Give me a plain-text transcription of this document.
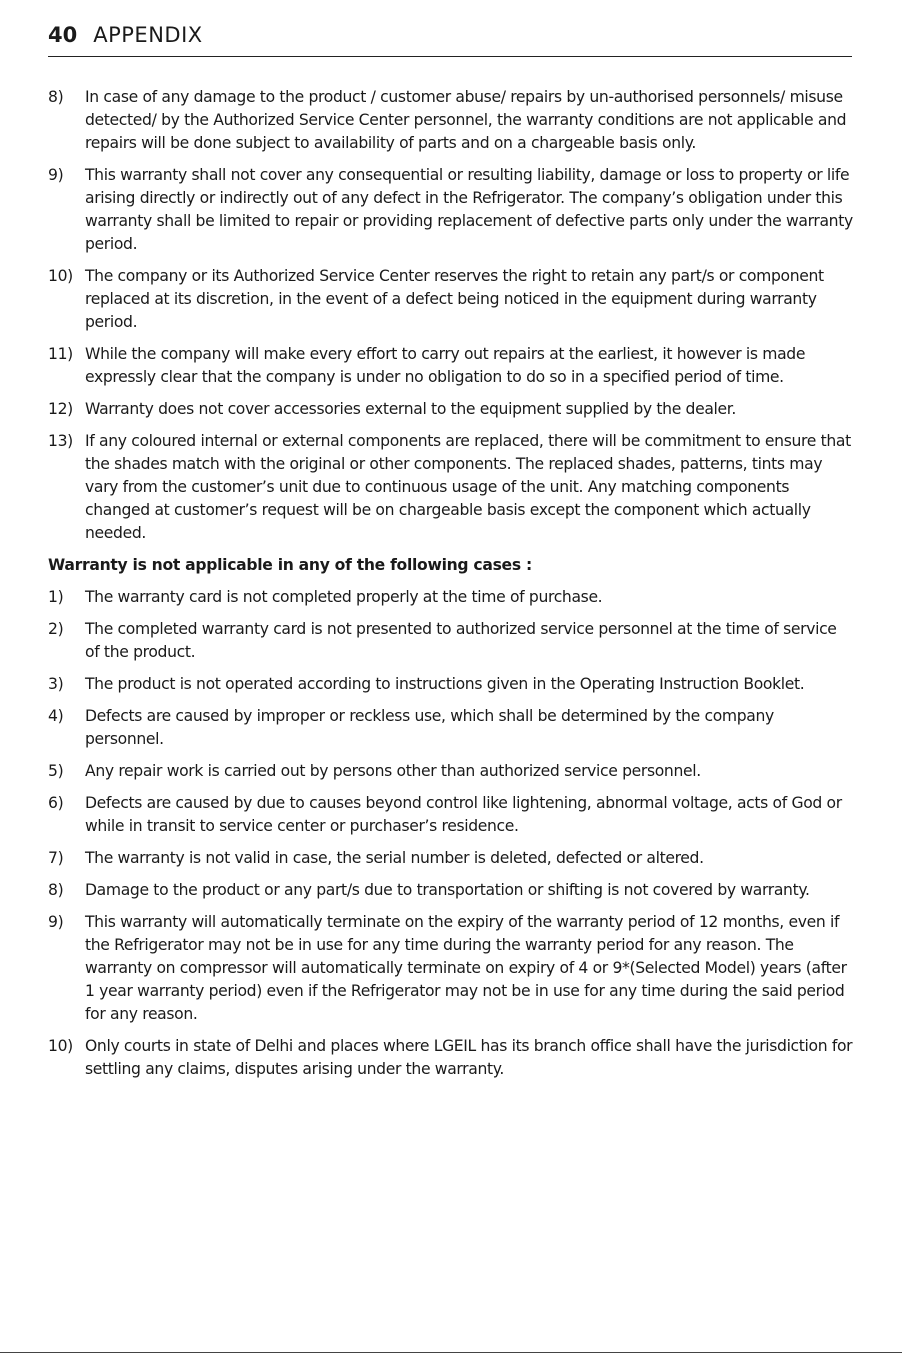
40 APPENDIX
8)	In case of any damage to the product / customer abuse/ repairs by un-authorised personnels/ misuse detected/ by the Authorized Service Center personnel, the warranty conditions are not applicable and repairs will be done subject to availability of parts and on a chargeable basis only.
9)	This warranty shall not cover any consequential or resulting liability, damage or loss to property or life arising directly or indirectly out of any defect in the Refrigerator. The company’s obligation under this warranty shall be limited to repair or providing replacement of defective parts only under the warranty period.
10) The company or its Authorized Service Center reserves the right to retain any part/s or component replaced at its discretion, in the event of a defect being noticed in the equipment during warranty period.
11) While the company will make every effort to carry out repairs at the earliest, it however is made expressly clear that the company is under no obligation to do so in a specified period of time.
12) Warranty does not cover accessories external to the equipment supplied by the dealer.
13) If any coloured internal or external components are replaced, there will be commitment to ensure that the shades match with the original or other components. The replaced shades, patterns, tints may vary from the customer’s unit due to continuous usage of the unit. Any matching components changed at customer’s request will be on chargeable basis except the component which actually needed.
Warranty is not applicable in any of the following cases :
1)	The warranty card is not completed properly at the time of purchase.
2)	The completed warranty card is not presented to authorized service personnel at the time of service of the product.
3)	The product is not operated according to instructions given in the Operating Instruction Booklet.
4)	Defects are caused by improper or reckless use, which shall be determined by the company personnel.
5)	Any repair work is carried out by persons other than authorized service personnel.
6)	Defects are caused by due to causes beyond control like lightening, abnormal voltage, acts of God or while in transit to service center or purchaser’s residence.
7)	The warranty is not valid in case, the serial number is deleted, defected or altered.
8)	Damage to the product or any part/s due to transportation or shifting is not covered by warranty.
9)	This warranty will automatically terminate on the expiry of the warranty period of 12 months, even if the Refrigerator may not be in use for any time during the warranty period for any reason. The warranty on compressor will automatically terminate on expiry of 4 or 9*(Selected Model) years (after 1 year warranty period) even if the Refrigerator may not be in use for any time during the said period for any reason.
10) Only courts in state of Delhi and places where LGEIL has its branch office shall have the jurisdiction for settling any claims, disputes arising under the warranty.
